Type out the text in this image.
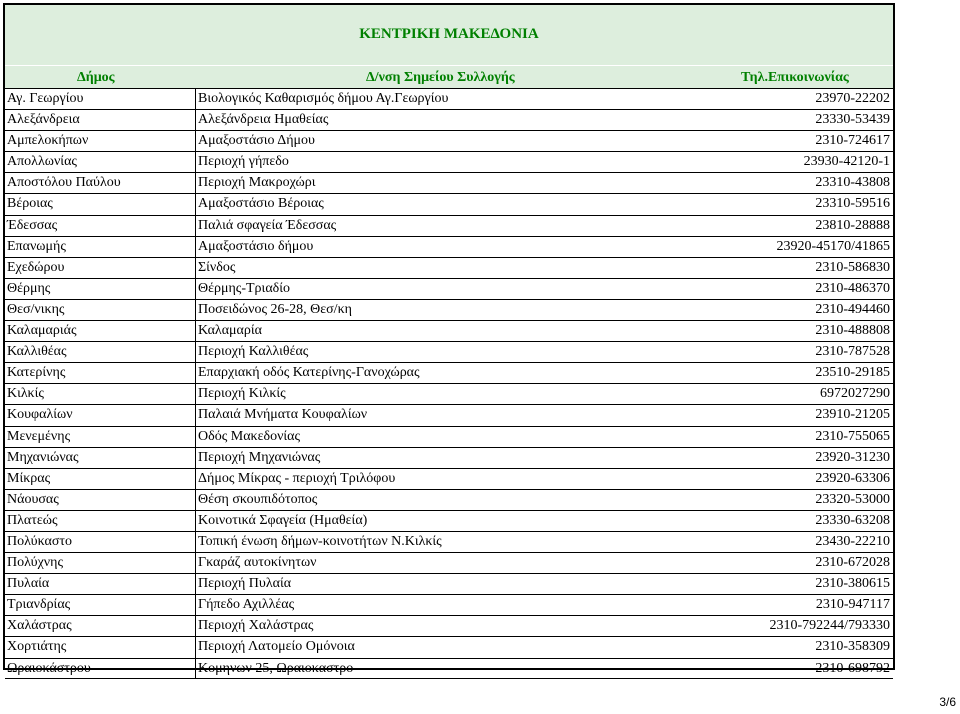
ΚΕΝΤΡΙΚΗ ΜΑΚΕΔΟΝΙΑ
Δήμος	Δ/νση Σημείου Συλλογής	Τηλ.Επικοινωνίας
Αγ. Γεωργίου	Βιολογικός Καθαρισμός δήμου Αγ.Γεωργίου	23970-22202
Αλεξάνδρεια	Αλεξάνδρεια Ημαθείας	23330-53439
Αμπελοκήπων	Αμαξοστάσιο Δήμου	2310-724617
Απολλωνίας	Περιοχή γήπεδο	23930-42120-1
Αποστόλου Παύλου	Περιοχή Μακροχώρι	23310-43808
Βέροιας	Αμαξοστάσιο Βέροιας	23310-59516
Έδεσσας	Παλιά σφαγεία Έδεσσας	23810-28888
Επανωμής	Αμαξοστάσιο δήμου	23920-45170/41865
Εχεδώρου	Σίνδος	2310-586830
Θέρμης	Θέρμης-Τριαδίο	2310-486370
Θεσ/νικης	Ποσειδώνος 26-28, Θεσ/κη	2310-494460
Καλαμαριάς	Καλαμαρία	2310-488808
Καλλιθέας	Περιοχή Καλλιθέας	2310-787528
Κατερίνης	Επαρχιακή οδός Κατερίνης-Γανοχώρας	23510-29185
Κιλκίς	Περιοχή Κιλκίς	6972027290
Κουφαλίων	Παλαιά Μνήματα Κουφαλίων	23910-21205
Μενεμένης	Οδός Μακεδονίας	2310-755065
Μηχανιώνας	Περιοχή Μηχανιώνας	23920-31230
Μίκρας	Δήμος Μίκρας - περιοχή Τριλόφου	23920-63306
Νάουσας	Θέση σκουπιδότοπος	23320-53000
Πλατεώς	Κοινοτικά Σφαγεία (Ημαθεία)	23330-63208
Πολύκαστο	Τοπική ένωση δήμων-κοινοτήτων Ν.Κιλκίς	23430-22210
Πολύχνης	Γκαράζ αυτοκίνητων	2310-672028
Πυλαία	Περιοχή Πυλαία	2310-380615
Τριανδρίας	Γήπεδο Αχιλλέας	2310-947117
Χαλάστρας	Περιοχή Χαλάστρας	2310-792244/793330
Χορτιάτης	Περιοχή Λατομείο Ομόνοια	2310-358309
Ωραιοκάστρου	Κομηνων 25, Ωραιοκαστρο	2310-698792
3/6
